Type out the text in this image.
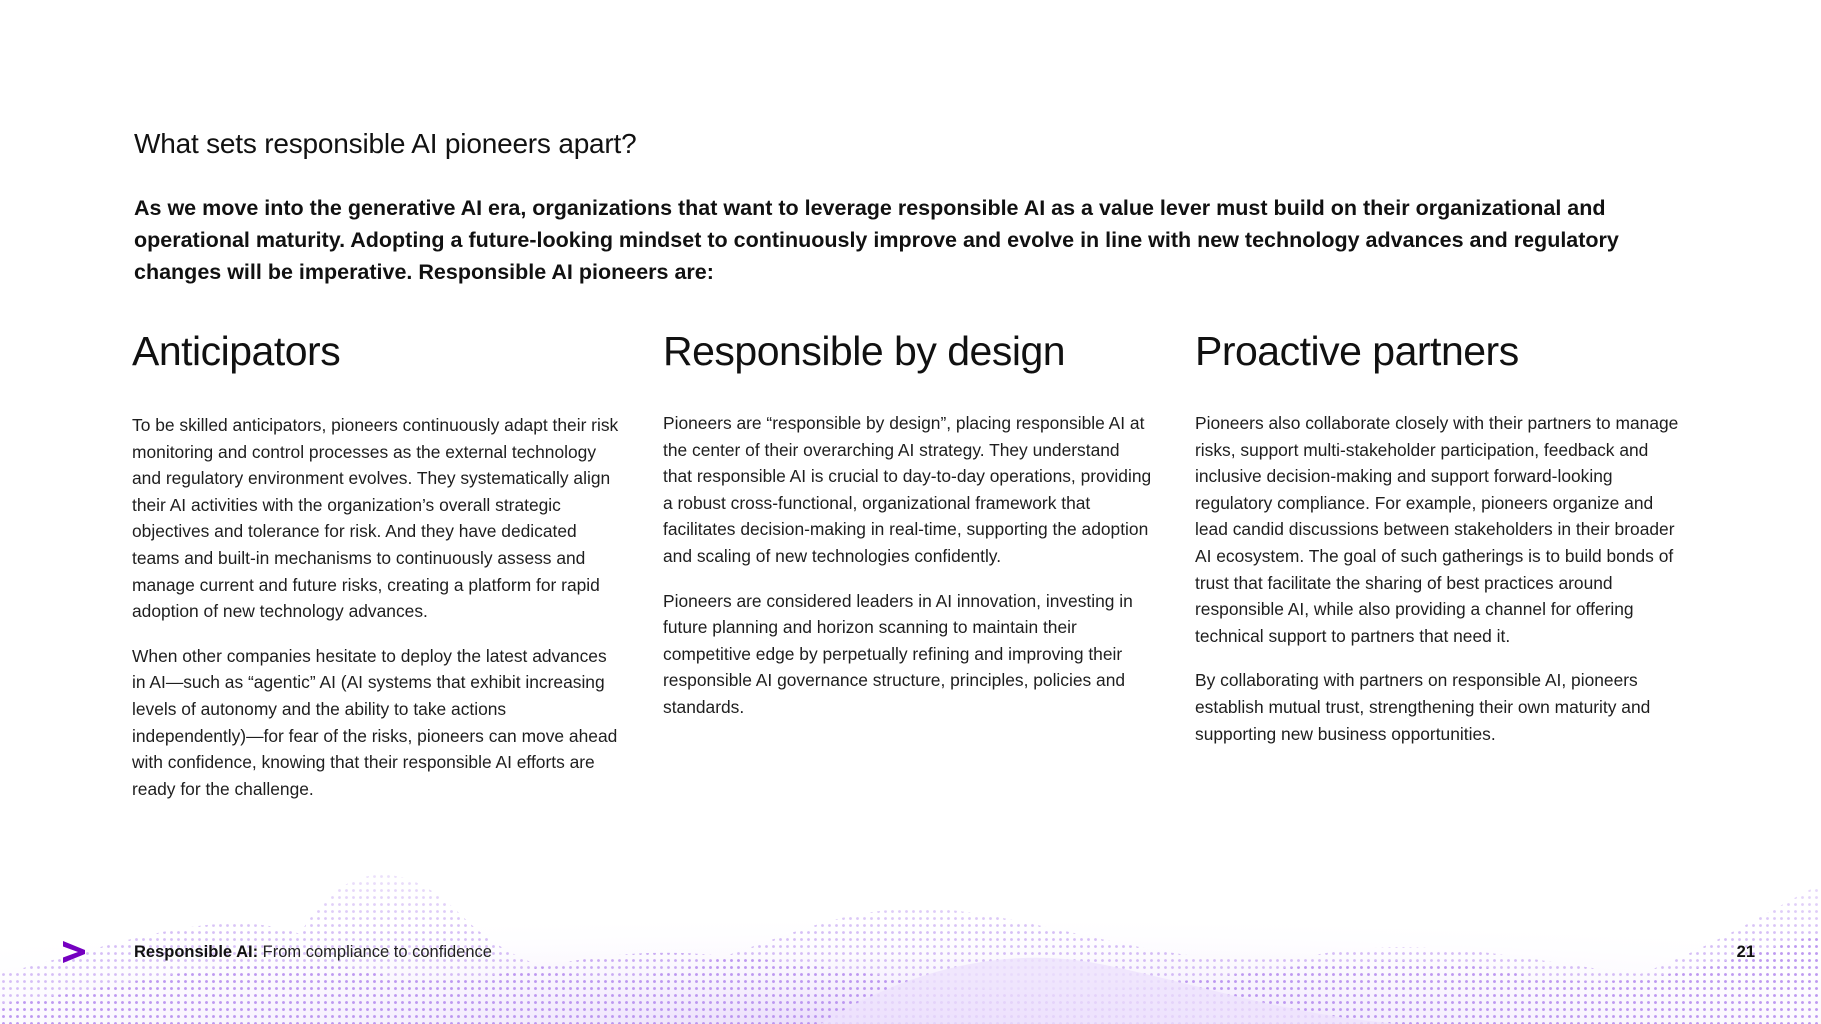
What sets responsible AI pioneers apart?

As we move into the generative AI era, organizations that want to leverage responsible AI as a value lever must build on their organizational and operational maturity. Adopting a future-looking mindset to continuously improve and evolve in line with new technology advances and regulatory changes will be imperative. Responsible AI pioneers are:

Anticipators

To be skilled anticipators, pioneers continuously adapt their risk monitoring and control processes as the external technology and regulatory environment evolves. They systematically align their AI activities with the organization’s overall strategic objectives and tolerance for risk. And they have dedicated teams and built-in mechanisms to continuously assess and manage current and future risks, creating a platform for rapid adoption of new technology advances.

When other companies hesitate to deploy the latest advances in AI—such as “agentic” AI (AI systems that exhibit increasing levels of autonomy and the ability to take actions independently)—for fear of the risks, pioneers can move ahead with confidence, knowing that their responsible AI efforts are ready for the challenge.

Responsible by design

Pioneers are “responsible by design”, placing responsible AI at the center of their overarching AI strategy. They understand that responsible AI is crucial to day-to-day operations, providing a robust cross-functional, organizational framework that facilitates decision-making in real-time, supporting the adoption and scaling of new technologies confidently.

Pioneers are considered leaders in AI innovation, investing in future planning and horizon scanning to maintain their competitive edge by perpetually refining and improving their responsible AI governance structure, principles, policies and standards.

Proactive partners

Pioneers also collaborate closely with their partners to manage risks, support multi-stakeholder participation, feedback and inclusive decision-making and support forward-looking regulatory compliance. For example, pioneers organize and lead candid discussions between stakeholders in their broader AI ecosystem. The goal of such gatherings is to build bonds of trust that facilitate the sharing of best practices around responsible AI, while also providing a channel for offering technical support to partners that need it.

By collaborating with partners on responsible AI, pioneers establish mutual trust, strengthening their own maturity and supporting new business opportunities.

Responsible AI: From compliance to confidence	21
